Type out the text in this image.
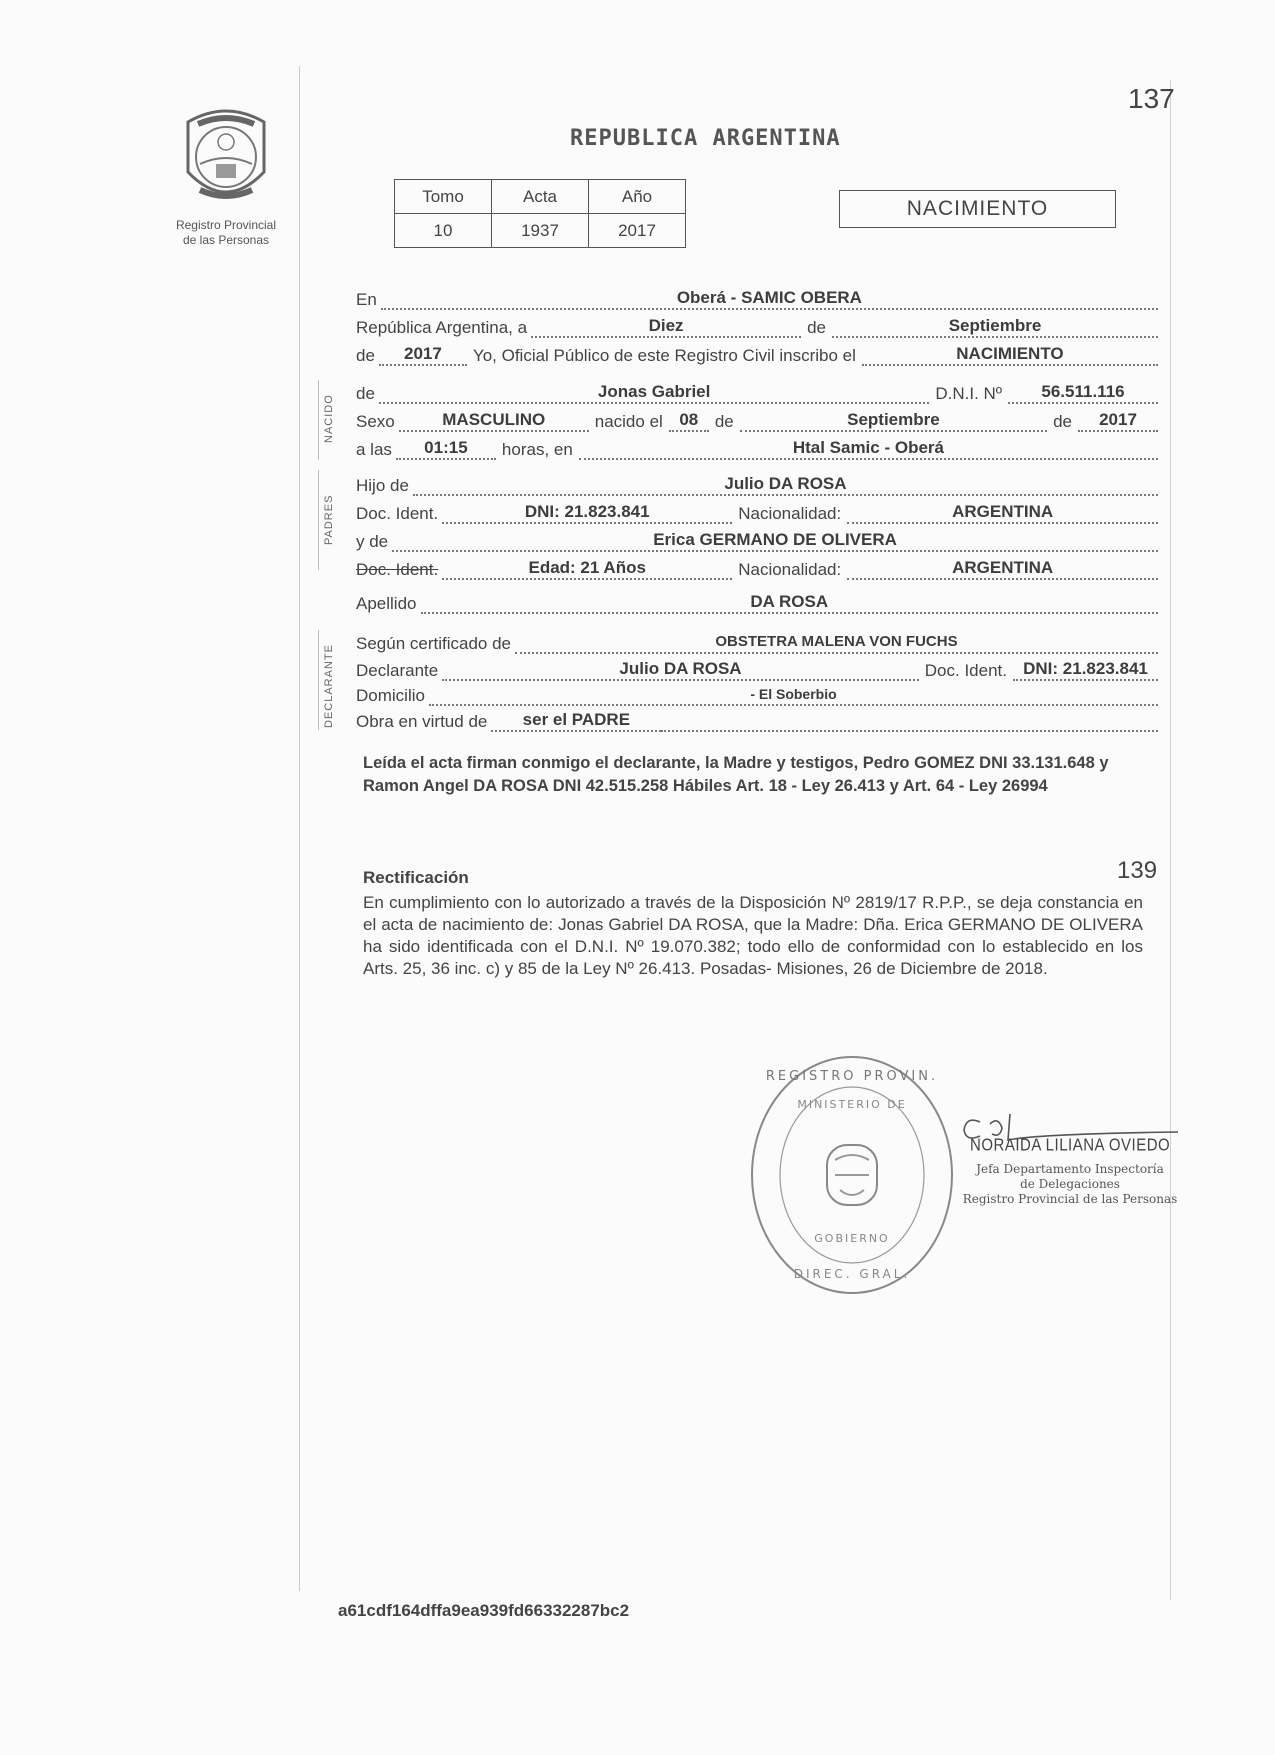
137
Registro Provincial
de las Personas
REPUBLICA ARGENTINA
Tomo	Acta	Año
10	1937	2017
NACIMIENTO
En	Oberá - SAMIC OBERA
República Argentina, a	Diez	de	Septiembre
de	2017	Yo, Oficial Público de este Registro Civil inscribo el	NACIMIENTO
NACIDO
de	Jonas Gabriel	D.N.I. Nº	56.511.116
Sexo	MASCULINO	nacido el 08 de	Septiembre	de	2017
a las	01:15	horas, en	Htal Samic - Oberá
PADRES
Hijo de	Julio DA ROSA
Doc. Ident.	DNI: 21.823.841	Nacionalidad:	ARGENTINA
y de	Erica GERMANO DE OLIVERA
Doc. Ident.	Edad: 21 Años	Nacionalidad:	ARGENTINA
Apellido	DA ROSA
DECLARANTE
Según certificado de	OBSTETRA MALENA VON FUCHS
Declarante	Julio DA ROSA	Doc. Ident. DNI: 21.823.841
Domicilio	- El Soberbio
Obra en virtud de	ser el PADRE
Leída el acta firman conmigo el declarante, la Madre y testigos, Pedro GOMEZ DNI 33.131.648 y Ramon Angel DA ROSA DNI 42.515.258 Hábiles Art. 18 - Ley 26.413 y Art. 64 - Ley 26994
Rectificación	139
En cumplimiento con lo autorizado a través de la Disposición Nº 2819/17 R.P.P., se deja constancia en el acta de nacimiento de: Jonas Gabriel DA ROSA, que la Madre: Dña. Erica GERMANO DE OLIVERA ha sido identificada con el D.N.I. Nº 19.070.382; todo ello de conformidad con lo establecido en los Arts. 25, 36 inc. c) y 85 de la Ley Nº 26.413. Posadas- Misiones, 26 de Diciembre de 2018.
REGISTRO PROVIN.
DIREC. GRAL.
MINISTERIO DE
GOBIERNO
NORAIDA LILIANA OVIEDO
Jefa Departamento Inspectoría
de Delegaciones
Registro Provincial de las Personas
a61cdf164dffa9ea939fd66332287bc2
